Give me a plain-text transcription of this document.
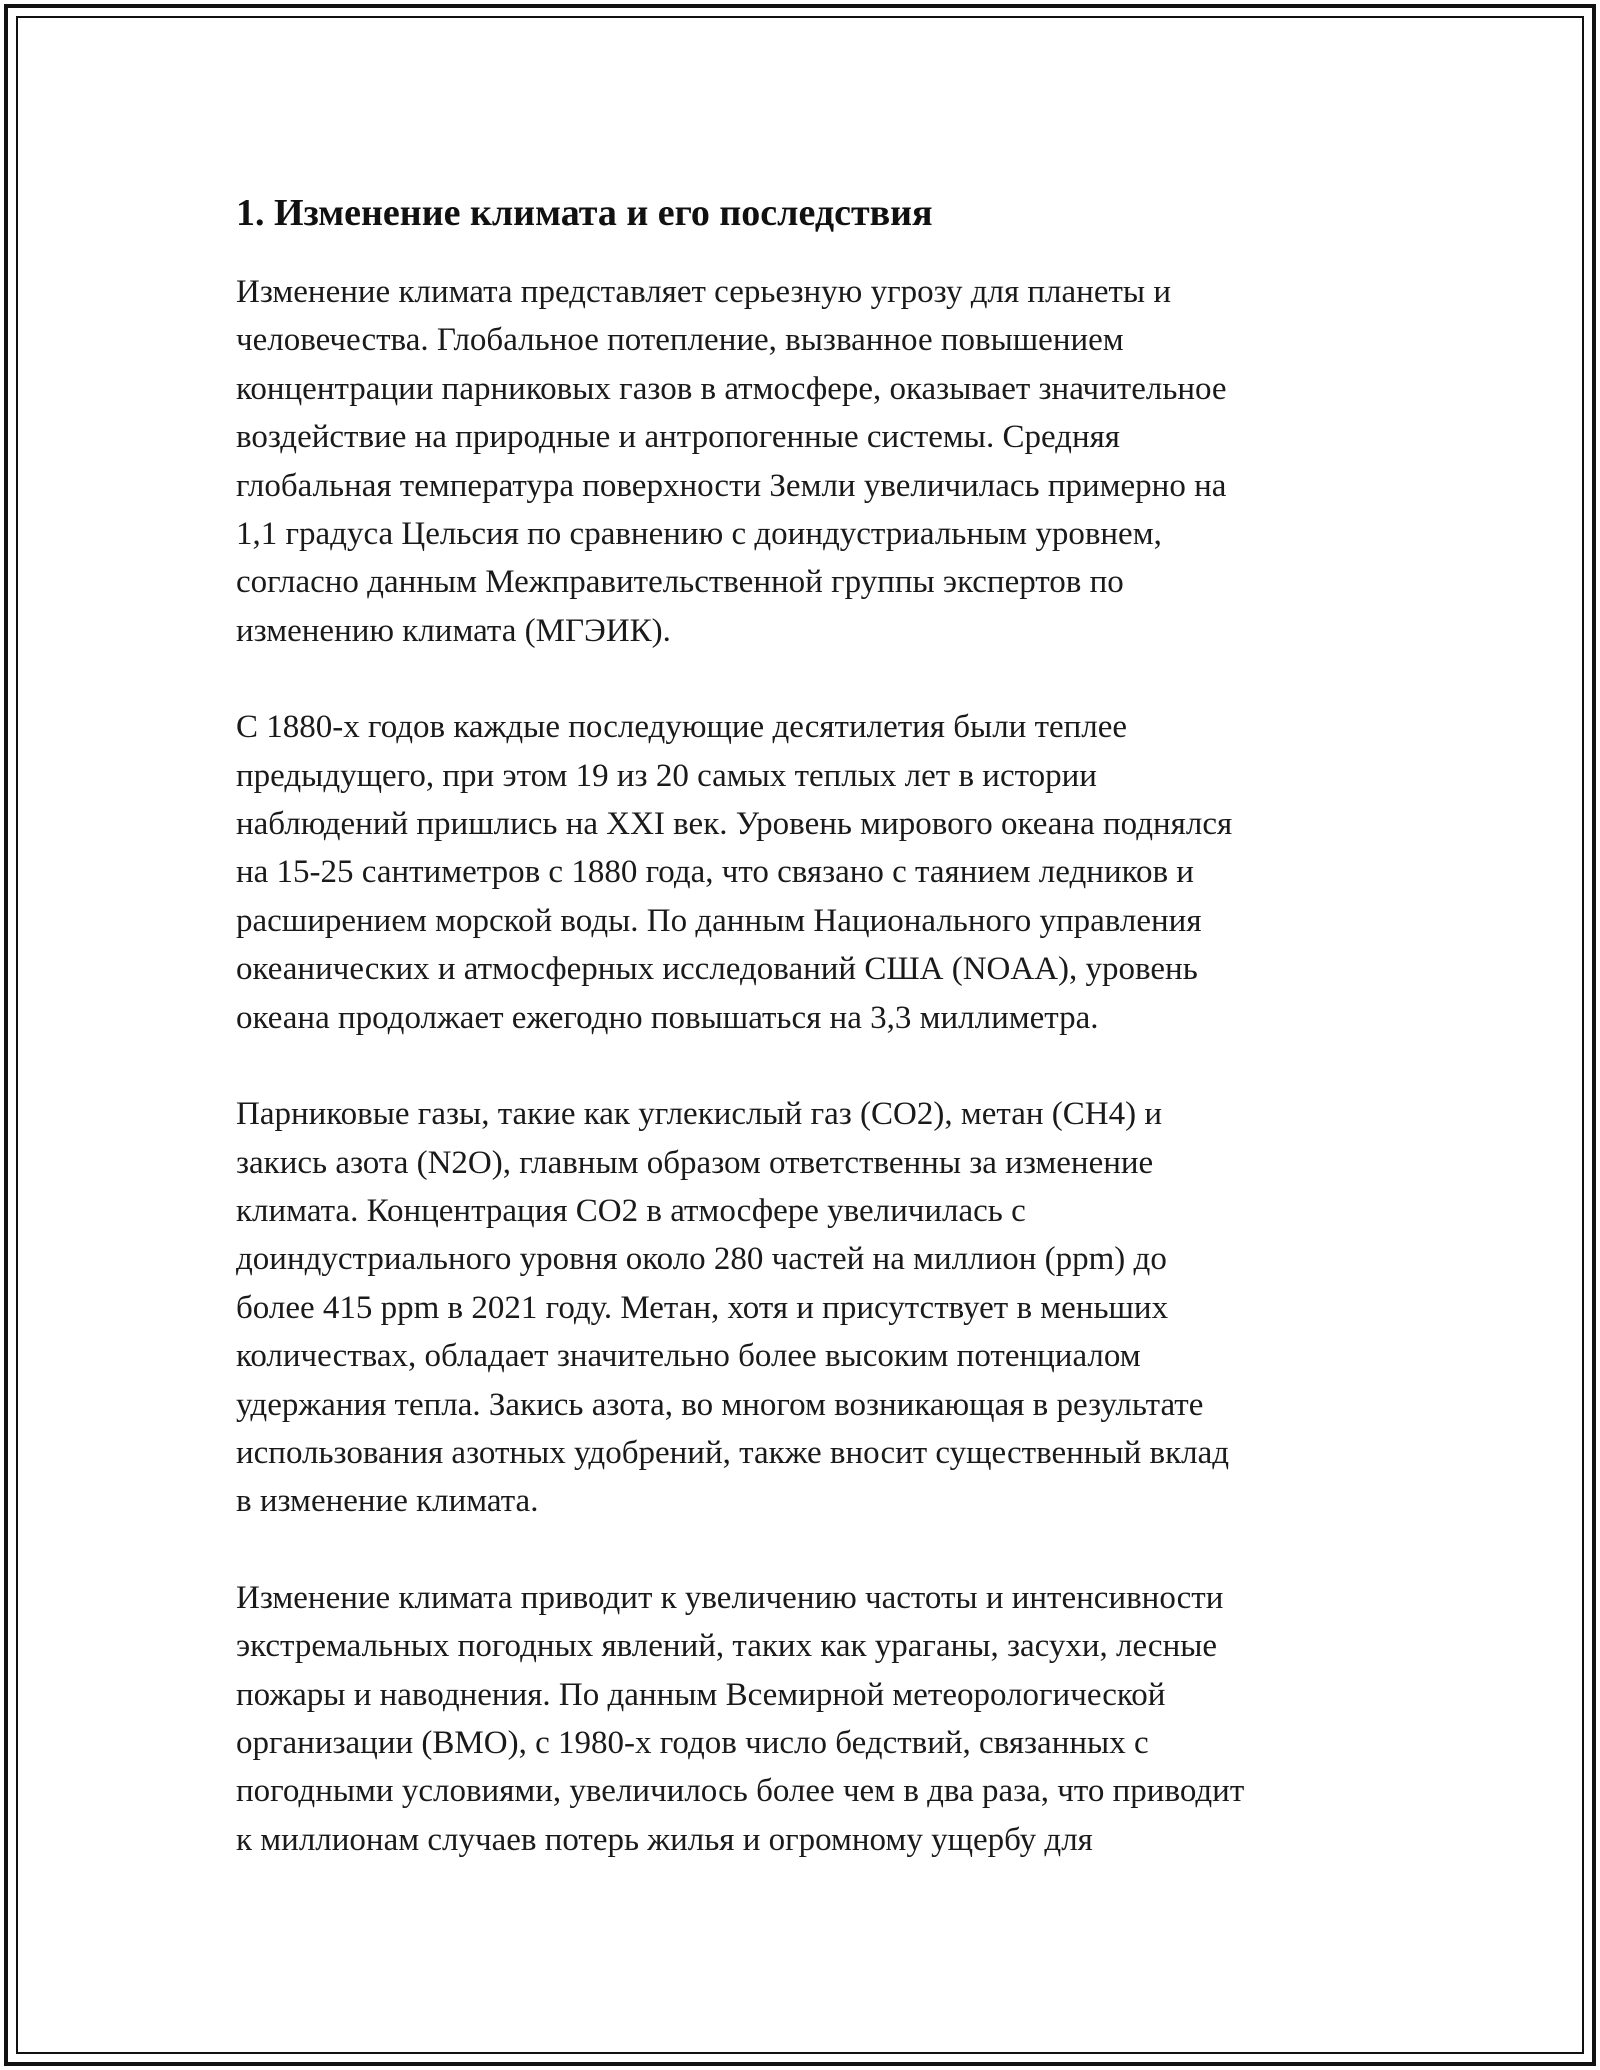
1. Изменение климата и его последствия

Изменение климата представляет серьезную угрозу для планеты и
человечества. Глобальное потепление, вызванное повышением
концентрации парниковых газов в атмосфере, оказывает значительное
воздействие на природные и антропогенные системы. Средняя
глобальная температура поверхности Земли увеличилась примерно на
1,1 градуса Цельсия по сравнению с доиндустриальным уровнем,
согласно данным Межправительственной группы экспертов по
изменению климата (МГЭИК).

С 1880-х годов каждые последующие десятилетия были теплее
предыдущего, при этом 19 из 20 самых теплых лет в истории
наблюдений пришлись на XXI век. Уровень мирового океана поднялся
на 15-25 сантиметров с 1880 года, что связано с таянием ледников и
расширением морской воды. По данным Национального управления
океанических и атмосферных исследований США (NOAA), уровень
океана продолжает ежегодно повышаться на 3,3 миллиметра.

Парниковые газы, такие как углекислый газ (CO2), метан (CH4) и
закись азота (N2O), главным образом ответственны за изменение
климата. Концентрация CO2 в атмосфере увеличилась с
доиндустриального уровня около 280 частей на миллион (ppm) до
более 415 ppm в 2021 году. Метан, хотя и присутствует в меньших
количествах, обладает значительно более высоким потенциалом
удержания тепла. Закись азота, во многом возникающая в результате
использования азотных удобрений, также вносит существенный вклад
в изменение климата.

Изменение климата приводит к увеличению частоты и интенсивности
экстремальных погодных явлений, таких как ураганы, засухи, лесные
пожары и наводнения. По данным Всемирной метеорологической
организации (ВМО), с 1980-х годов число бедствий, связанных с
погодными условиями, увеличилось более чем в два раза, что приводит
к миллионам случаев потерь жилья и огромному ущербу для
